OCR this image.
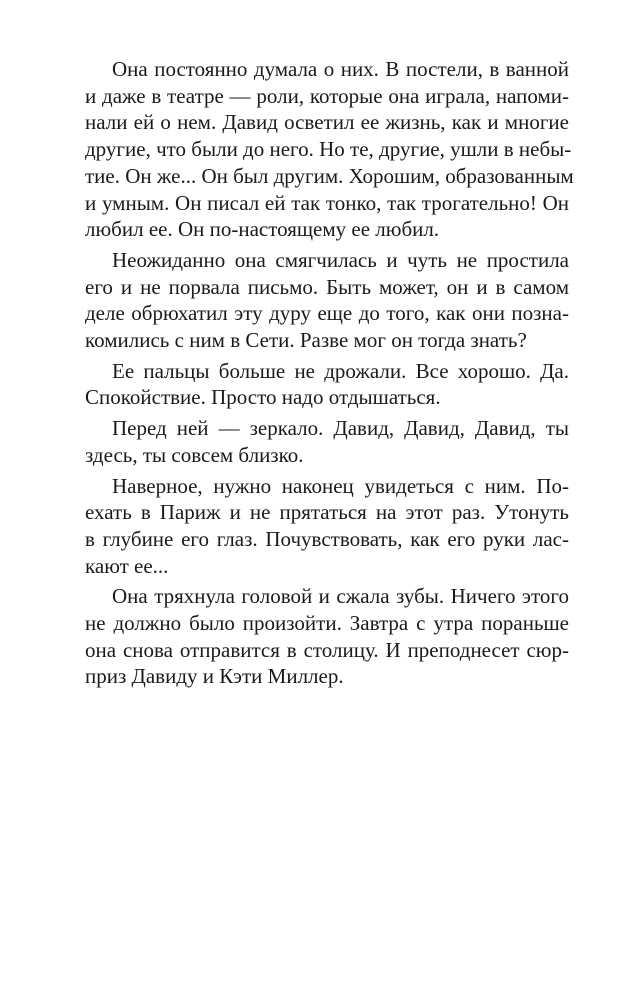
Она постоянно думала о них. В постели, в ванной
и даже в театре — роли, которые она играла, напоми-
нали ей о нем. Давид осветил ее жизнь, как и многие
другие, что были до него. Но те, другие, ушли в небы-
тие. Он же... Он был другим. Хорошим, образованным
и умным. Он писал ей так тонко, так трогательно! Он
любил ее. Он по-настоящему ее любил.

Неожиданно она смягчилась и чуть не простила
его и не порвала письмо. Быть может, он и в самом
деле обрюхатил эту дуру еще до того, как они позна-
комились с ним в Сети. Разве мог он тогда знать?

Ее пальцы больше не дрожали. Все хорошо. Да.
Спокойствие. Просто надо отдышаться.

Перед ней — зеркало. Давид, Давид, Давид, ты
здесь, ты совсем близко.

Наверное, нужно наконец увидеться с ним. По-
ехать в Париж и не прятаться на этот раз. Утонуть
в глубине его глаз. Почувствовать, как его руки лас-
кают ее...

Она тряхнула головой и сжала зубы. Ничего этого
не должно было произойти. Завтра с утра пораньше
она снова отправится в столицу. И преподнесет сюр-
приз Давиду и Кэти Миллер.
